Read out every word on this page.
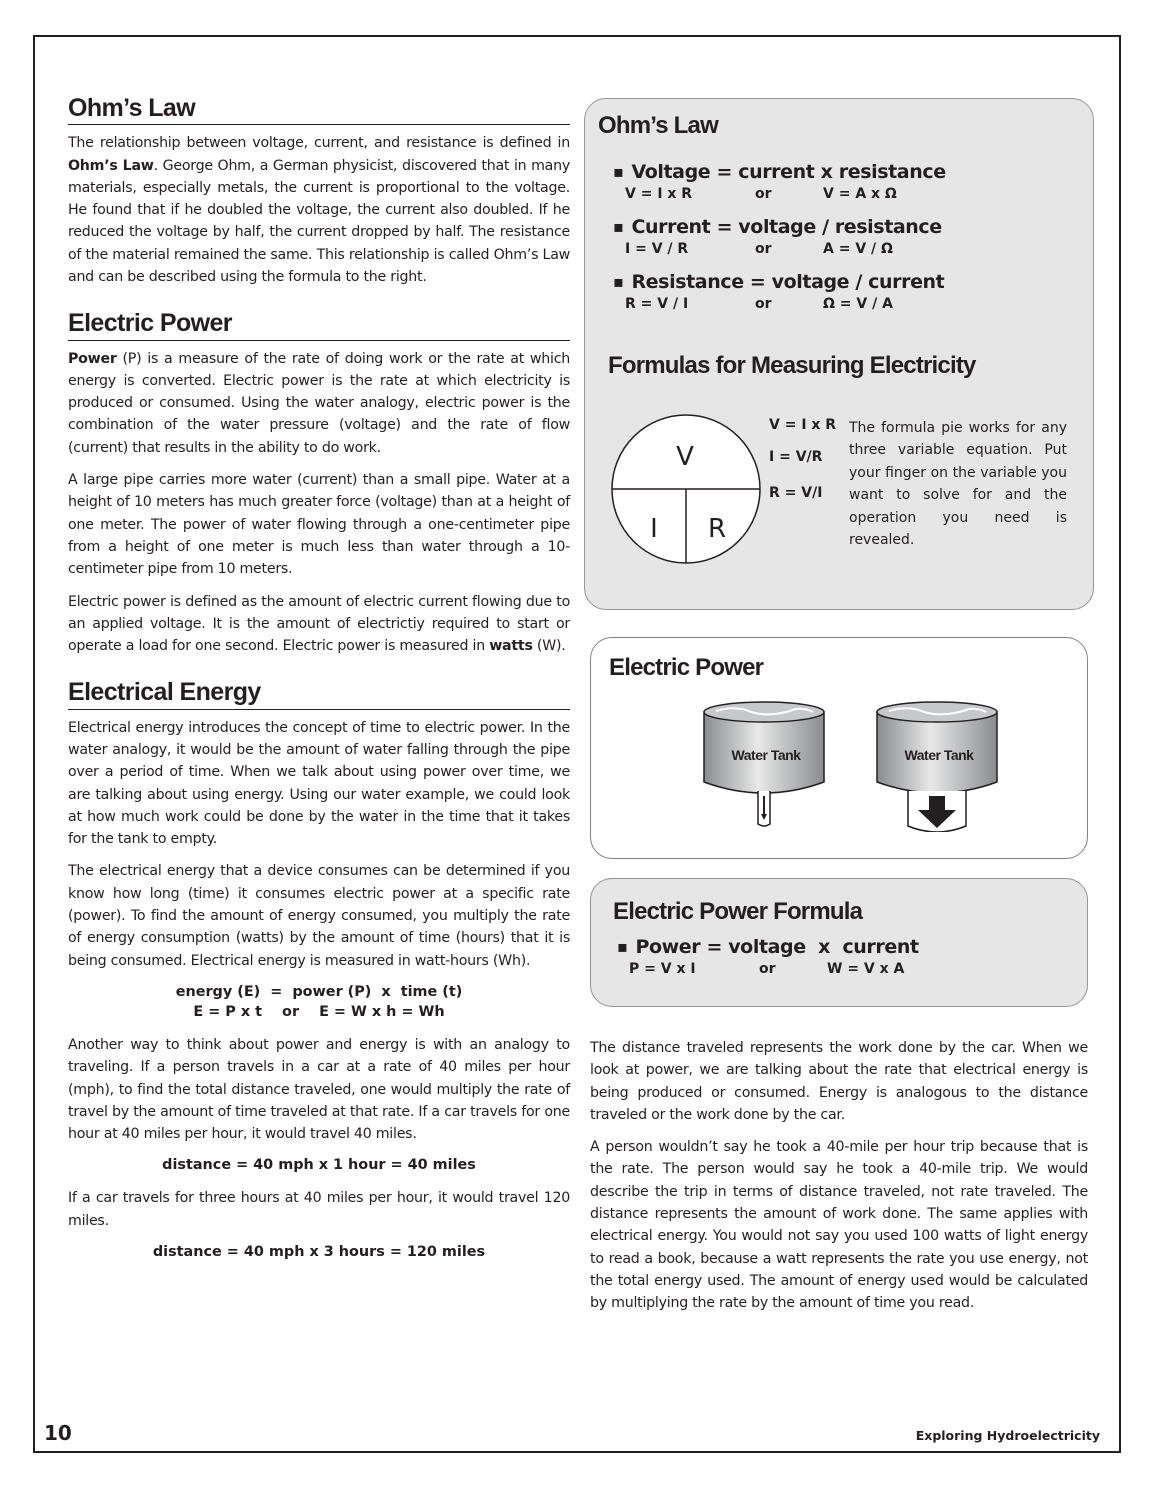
Ohm’s Law

The relationship between voltage, current, and resistance is defined in Ohm’s Law. George Ohm, a German physicist, discovered that in many materials, especially metals, the current is proportional to the voltage. He found that if he doubled the voltage, the current also doubled. If he reduced the voltage by half, the current dropped by half. The resistance of the material remained the same. This relationship is called Ohm’s Law and can be described using the formula to the right.

Electric Power

Power (P) is a measure of the rate of doing work or the rate at which energy is converted. Electric power is the rate at which electricity is produced or consumed. Using the water analogy, electric power is the combination of the water pressure (voltage) and the rate of flow (current) that results in the ability to do work.

A large pipe carries more water (current) than a small pipe. Water at a height of 10 meters has much greater force (voltage) than at a height of one meter. The power of water flowing through a one-centimeter pipe from a height of one meter is much less than water through a 10-centimeter pipe from 10 meters.

Electric power is defined as the amount of electric current flowing due to an applied voltage. It is the amount of electrictiy required to start or operate a load for one second. Electric power is measured in watts (W).

Electrical Energy

Electrical energy introduces the concept of time to electric power. In the water analogy, it would be the amount of water falling through the pipe over a period of time. When we talk about using power over time, we are talking about using energy. Using our water example, we could look at how much work could be done by the water in the time that it takes for the tank to empty.

The electrical energy that a device consumes can be determined if you know how long (time) it consumes electric power at a specific rate (power). To find the amount of energy consumed, you multiply the rate of energy consumption (watts) by the amount of time (hours) that it is being consumed. Electrical energy is measured in watt-hours (Wh).

energy (E)  =  power (P)  x  time (t)
E = P x t    or    E = W x h = Wh

Another way to think about power and energy is with an analogy to traveling. If a person travels in a car at a rate of 40 miles per hour (mph), to find the total distance traveled, one would multiply the rate of travel by the amount of time traveled at that rate. If a car travels for one hour at 40 miles per hour, it would travel 40 miles.

distance = 40 mph x 1 hour = 40 miles

If a car travels for three hours at 40 miles per hour, it would travel 120 miles.

distance = 40 mph x 3 hours = 120 miles
Ohm’s Law
▪ Voltage = current x resistance
V = I x R	or	V = A x Ω
▪ Current = voltage / resistance
I = V / R	or	A = V / Ω
▪ Resistance = voltage / current
R = V / I	or	Ω = V / A
Formulas for Measuring Electricity
V
I R
V = I x R
I = V/R
R = V/I
The formula pie works for any three variable equation. Put your finger on the variable you want to solve for and the operation you need is revealed.
Electric Power
Water Tank	Water Tank
Electric Power Formula
▪ Power = voltage  x  current
P = V x I	or	W = V x A

The distance traveled represents the work done by the car. When we look at power, we are talking about the rate that electrical energy is being produced or consumed. Energy is analogous to the distance traveled or the work done by the car.

A person wouldn’t say he took a 40-mile per hour trip because that is the rate. The person would say he took a 40-mile trip. We would describe the trip in terms of distance traveled, not rate traveled. The distance represents the amount of work done. The same applies with electrical energy. You would not say you used 100 watts of light energy to read a book, because a watt represents the rate you use energy, not the total energy used. The amount of energy used would be calculated by multiplying the rate by the amount of time you read.

10	Exploring Hydroelectricity
